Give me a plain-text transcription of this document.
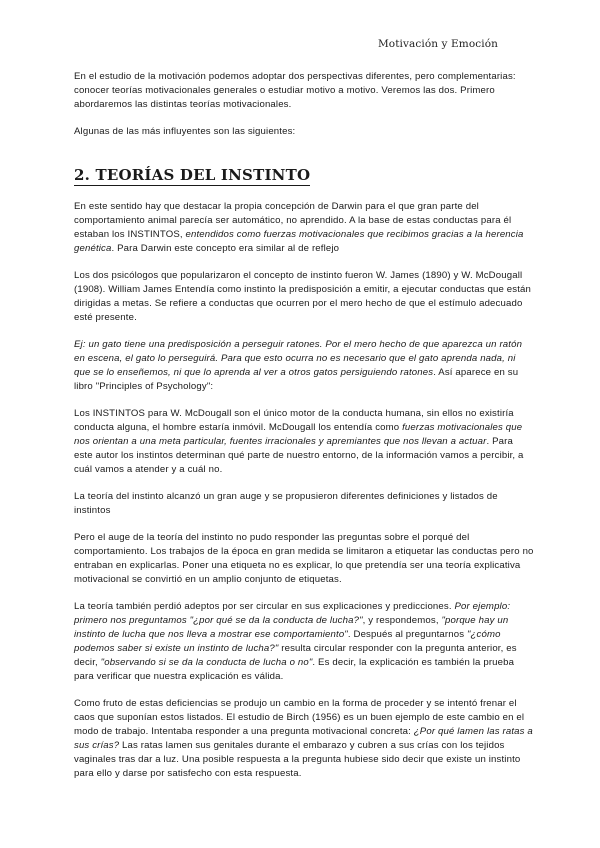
Motivación y Emoción

En el estudio de la motivación podemos adoptar dos perspectivas diferentes, pero complementarias: conocer teorías motivacionales generales o estudiar motivo a motivo. Veremos las dos. Primero abordaremos las distintas teorías motivacionales.

Algunas de las más influyentes son las siguientes:

2. TEORÍAS DEL INSTINTO

En este sentido hay que destacar la propia concepción de Darwin para el que gran parte del comportamiento animal parecía ser automático, no aprendido. A la base de estas conductas para él estaban los INSTINTOS, entendidos como fuerzas motivacionales que recibimos gracias a la herencia genética. Para Darwin este concepto era similar al de reflejo

Los dos psicólogos que popularizaron el concepto de instinto fueron W. James (1890) y W. McDougall (1908). William James Entendía como instinto la predisposición a emitir, a ejecutar conductas que están dirigidas a metas. Se refiere a conductas que ocurren por el mero hecho de que el estímulo adecuado esté presente.

Ej: un gato tiene una predisposición a perseguir ratones. Por el mero hecho de que aparezca un ratón en escena, el gato lo perseguirá. Para que esto ocurra no es necesario que el gato aprenda nada, ni que se lo enseñemos, ni que lo aprenda al ver a otros gatos persiguiendo ratones. Así aparece en su libro "Principles of Psychology":

Los INSTINTOS para W. McDougall son el único motor de la conducta humana, sin ellos no existiría conducta alguna, el hombre estaría inmóvil. McDougall los entendía como fuerzas motivacionales que nos orientan a una meta particular, fuentes irracionales y apremiantes que nos llevan a actuar. Para este autor los instintos determinan qué parte de nuestro entorno, de la información vamos a percibir, a cuál vamos a atender y a cuál no.

La teoría del instinto alcanzó un gran auge y se propusieron diferentes definiciones y listados de instintos

Pero el auge de la teoría del instinto no pudo responder las preguntas sobre el porqué del comportamiento. Los trabajos de la época en gran medida se limitaron a etiquetar las conductas pero no entraban en explicarlas. Poner una etiqueta no es explicar, lo que pretendía ser una teoría explicativa motivacional se convirtió en un amplio conjunto de etiquetas.

La teoría también perdió adeptos por ser circular en sus explicaciones y predicciones. Por ejemplo: primero nos preguntamos "¿por qué se da la conducta de lucha?", y respondemos, "porque hay un instinto de lucha que nos lleva a mostrar ese comportamiento". Después al preguntarnos "¿cómo podemos saber si existe un instinto de lucha?" resulta circular responder con la pregunta anterior, es decir, "observando si se da la conducta de lucha o no". Es decir, la explicación es también la prueba para verificar que nuestra explicación es válida.

Como fruto de estas deficiencias se produjo un cambio en la forma de proceder y se intentó frenar el caos que suponían estos listados. El estudio de Birch (1956) es un buen ejemplo de este cambio en el modo de trabajo. Intentaba responder a una pregunta motivacional concreta: ¿Por qué lamen las ratas a sus crías? Las ratas lamen sus genitales durante el embarazo y cubren a sus crías con los tejidos vaginales tras dar a luz. Una posible respuesta a la pregunta hubiese sido decir que existe un instinto para ello y darse por satisfecho con esta respuesta.
